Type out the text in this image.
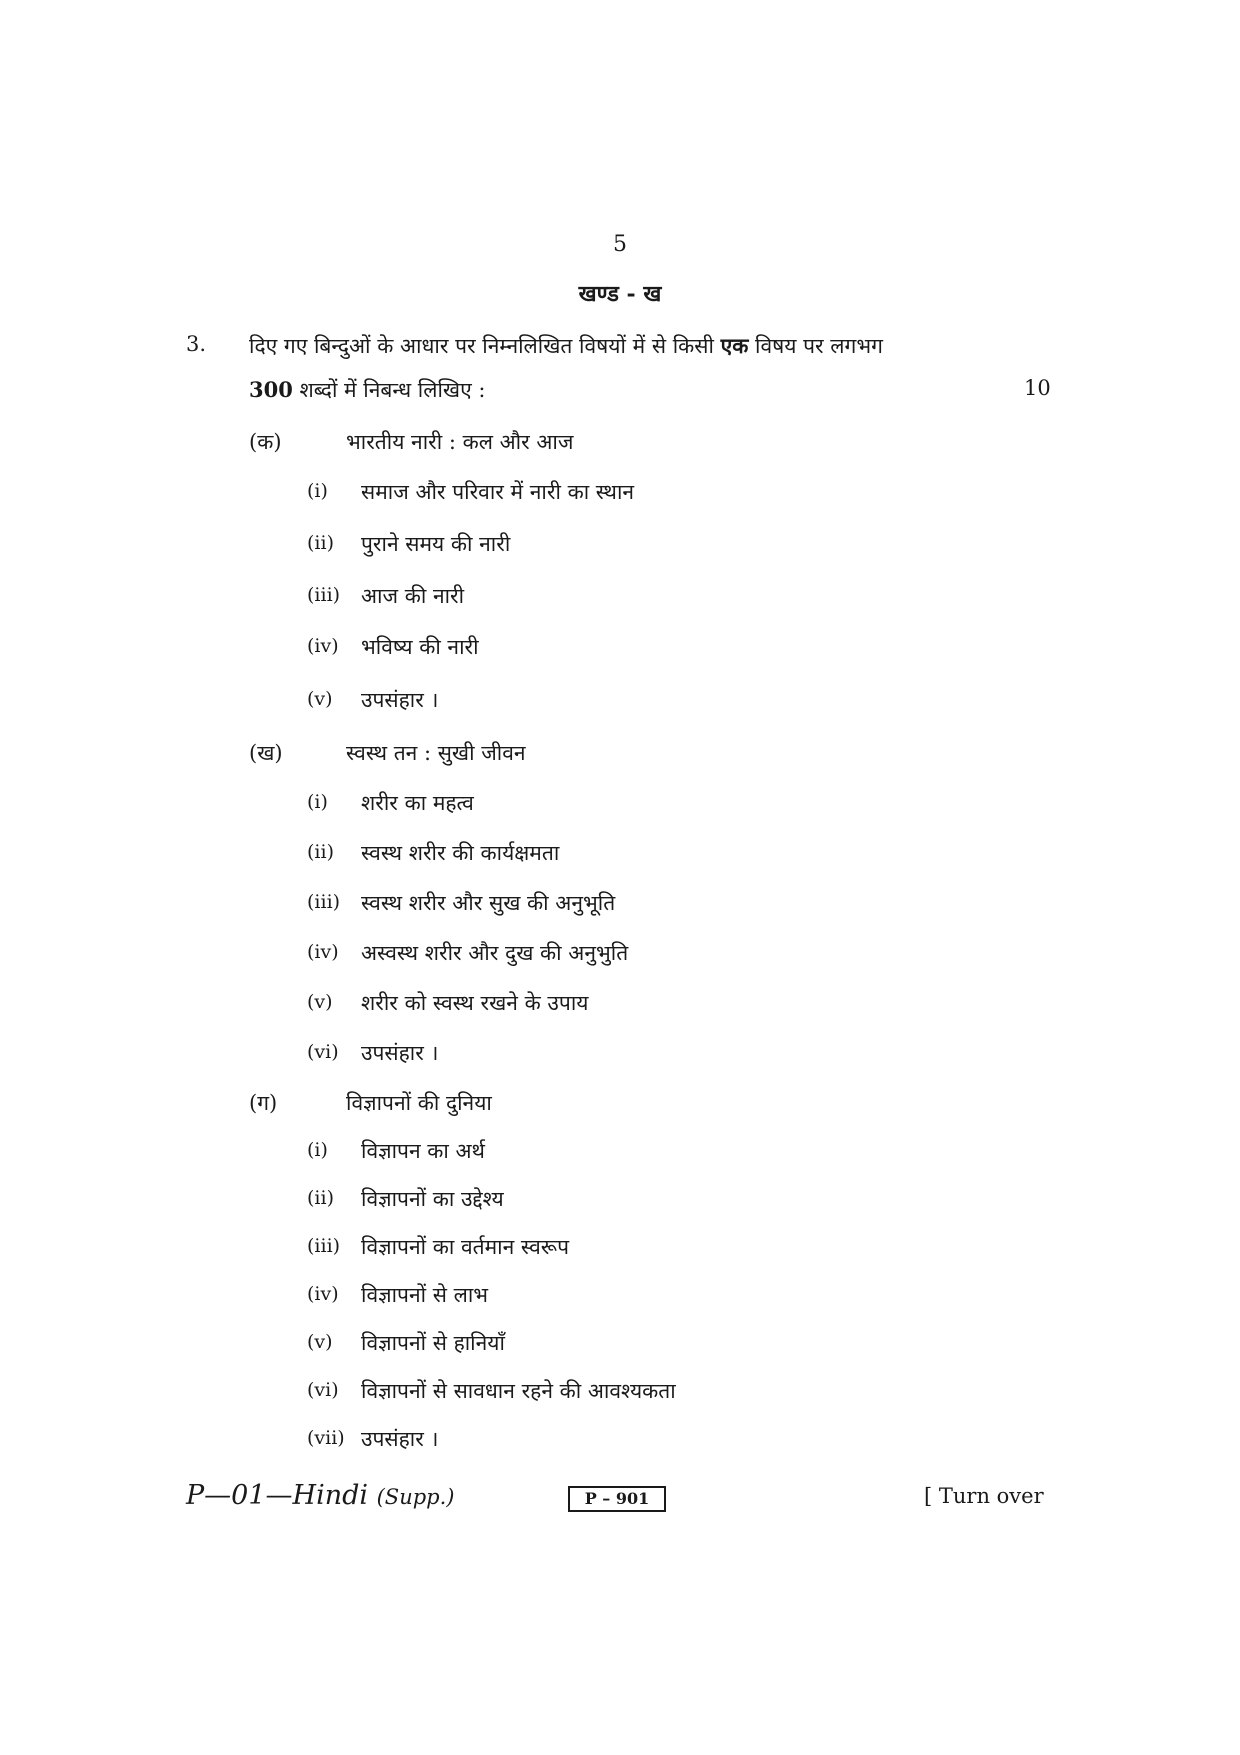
5
खण्ड - ख
3. दिए गए बिन्दुओं के आधार पर निम्नलिखित विषयों में से किसी एक विषय पर लगभग
300 शब्दों में निबन्ध लिखिए :	10
(क)	भारतीय नारी : कल और आज
(i) समाज और परिवार में नारी का स्थान
(ii) पुराने समय की नारी
(iii) आज की नारी
(iv) भविष्य की नारी
(v) उपसंहार ।
(ख)	स्वस्थ तन : सुखी जीवन
(i) शरीर का महत्व
(ii) स्वस्थ शरीर की कार्यक्षमता
(iii) स्वस्थ शरीर और सुख की अनुभूति
(iv) अस्वस्थ शरीर और दुख की अनुभुति
(v) शरीर को स्वस्थ रखने के उपाय
(vi) उपसंहार ।
(ग)	विज्ञापनों की दुनिया
(i) विज्ञापन का अर्थ
(ii) विज्ञापनों का उद्देश्य
(iii) विज्ञापनों का वर्तमान स्वरूप
(iv) विज्ञापनों से लाभ
(v) विज्ञापनों से हानियाँ
(vi) विज्ञापनों से सावधान रहने की आवश्यकता
(vii) उपसंहार ।
P—01—Hindi (Supp.)	P – 901	[ Turn over
